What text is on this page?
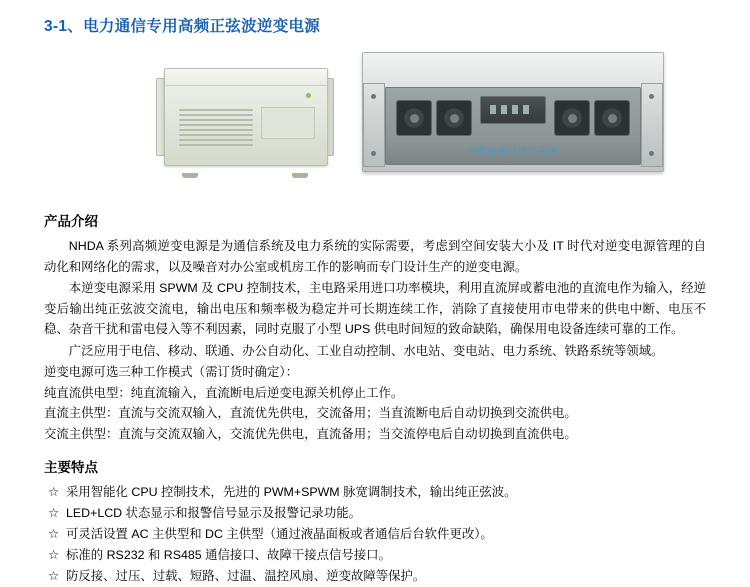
3-1、电力通信专用高频正弦波逆变电源
高频正弦波逆变电源
产品介绍

NHDA 系列高频逆变电源是为通信系统及电力系统的实际需要，考虑到空间安装大小及 IT 时代对逆变电源管理的自动化和网络化的需求，以及噪音对办公室或机房工作的影响而专门设计生产的逆变电源。

本逆变电源采用 SPWM 及 CPU 控制技术，主电路采用进口功率模块，利用直流屏或蓄电池的直流电作为输入，经逆变后输出纯正弦波交流电，输出电压和频率极为稳定并可长期连续工作，消除了直接使用市电带来的供电中断、电压不稳、杂音干扰和雷电侵入等不利因素，同时克服了小型 UPS 供电时间短的致命缺陷，确保用电设备连续可靠的工作。

广泛应用于电信、移动、联通、办公自动化、工业自动控制、水电站、变电站、电力系统、铁路系统等领域。

逆变电源可选三种工作模式（需订货时确定）：

纯直流供电型：纯直流输入，直流断电后逆变电源关机停止工作。

直流主供型：直流与交流双输入，直流优先供电，交流备用；当直流断电后自动切换到交流供电。

交流主供型：直流与交流双输入，交流优先供电，直流备用；当交流停电后自动切换到直流供电。

主要特点

☆ 采用智能化 CPU 控制技术，先进的 PWM+SPWM 脉宽调制技术，输出纯正弦波。

☆ LED+LCD 状态显示和报警信号显示及报警记录功能。

☆ 可灵活设置 AC 主供型和 DC 主供型（通过液晶面板或者通信后台软件更改）。

☆ 标准的 RS232 和 RS485 通信接口、故障干接点信号接口。

☆ 防反接、过压、过载、短路、过温、温控风扇、逆变故障等保护。
